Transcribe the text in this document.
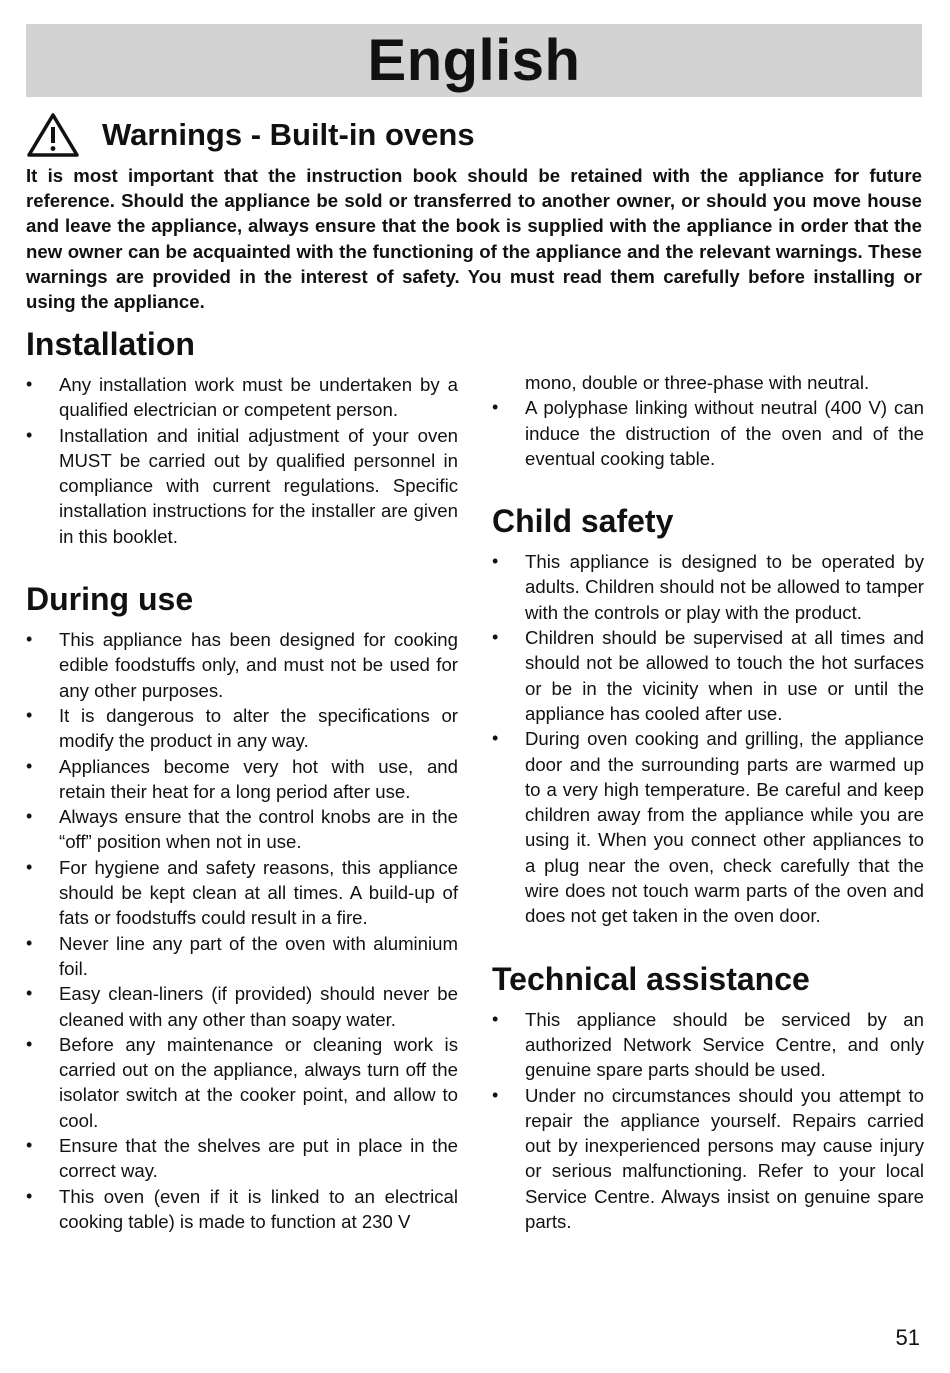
English
Warnings - Built-in ovens

It is most important that the instruction book should be retained with the appliance for future reference. Should the appliance be sold or transferred to another owner, or should you move house and leave the appliance, always ensure that the book is supplied with the appliance in order that the new owner can be acquainted with the functioning of the appliance and the relevant warnings. These warnings are provided in the interest of safety. You must read them carefully before installing or using the appliance.

Installation
• Any installation work must be undertaken by a qualified electrician or competent person.
• Installation and initial adjustment of your oven MUST be carried out by qualified personnel in compliance with current regulations. Specific installation instructions for the installer are given in this booklet.
During use
• This appliance has been designed for cooking edible foodstuffs only, and must not be used for any other purposes.
• It is dangerous to alter the specifications or modify the product in any way.
• Appliances become very hot with use, and retain their heat for a long period after use.
• Always ensure that the control knobs are in the “off” position when not in use.
• For hygiene and safety reasons, this appliance should be kept clean at all times. A build-up of fats or foodstuffs could result in a fire.
• Never line any part of the oven with aluminium foil.
• Easy clean-liners (if provided) should never be cleaned with any other than soapy water.
• Before any maintenance or cleaning work is carried out on the appliance, always turn off the isolator switch at the cooker point, and allow to cool.
• Ensure that the shelves are put in place in the correct way.
• This oven (even if it is linked to an electrical cooking table) is made to function at 230 V
mono, double or three-phase with neutral.
• A polyphase linking without neutral (400 V) can induce the distruction of the oven and of the eventual cooking table.
Child safety
• This appliance is designed to be operated by adults. Children should not be allowed to tamper with the controls or play with the product.
• Children should be supervised at all times and should not be allowed to touch the hot surfaces or be in the vicinity when in use or until the appliance has cooled after use.
• During oven cooking and grilling, the appliance door and the surrounding parts are warmed up to a very high temperature. Be careful and keep children away from the appliance while you are using it. When you connect other appliances to a plug near the oven, check carefully that the wire does not touch warm parts of the oven and does not get taken in the oven door.
Technical assistance
• This appliance should be serviced by an authorized Network Service Centre, and only genuine spare parts should be used.
• Under no circumstances should you attempt to repair the appliance yourself. Repairs carried out by inexperienced persons may cause injury or serious malfunctioning. Refer to your local Service Centre. Always insist on genuine spare parts.
51
